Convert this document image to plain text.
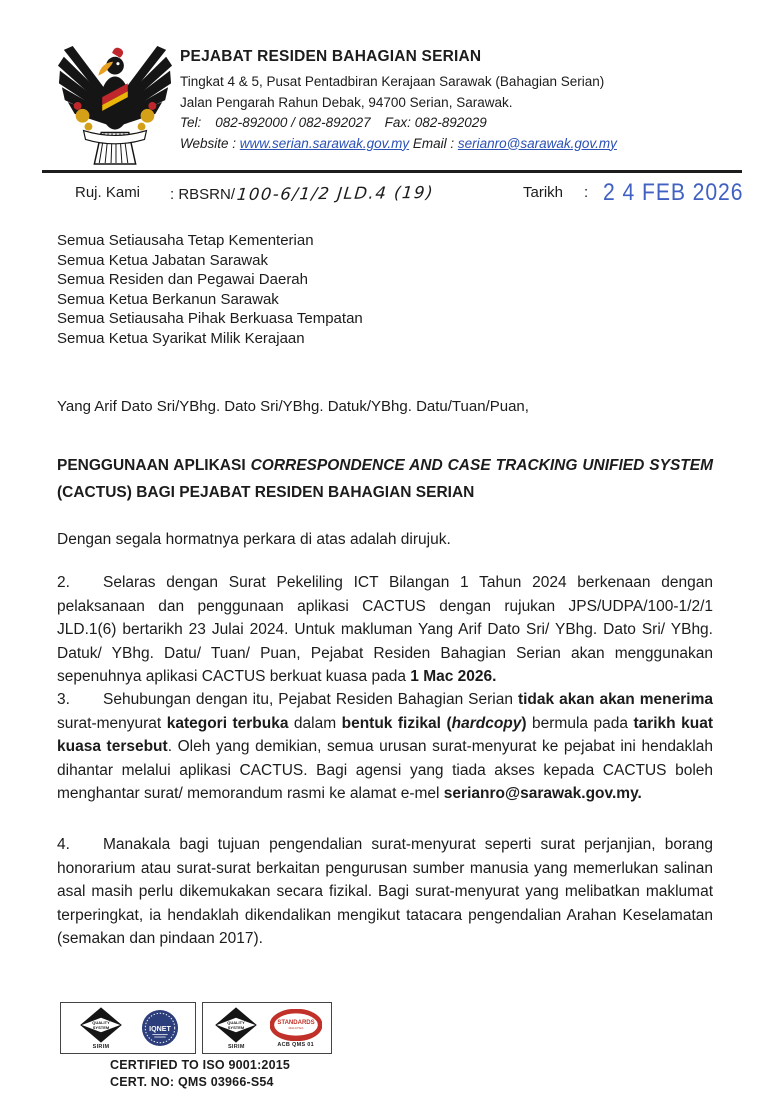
PEJABAT RESIDEN BAHAGIAN SERIAN
Tingkat 4 & 5, Pusat Pentadbiran Kerajaan Sarawak (Bahagian Serian)
Jalan Pengarah Rahun Debak, 94700 Serian, Sarawak.
Tel: 082-892000 / 082-892027 Fax: 082-892029
Website : www.serian.sarawak.gov.my Email : serianro@sarawak.gov.my
Ruj. Kami : RBSRN/100-6/1/2 JLD.4 (19)	Tarikh : 2 4 FEB 2026
Semua Setiausaha Tetap Kementerian
Semua Ketua Jabatan Sarawak
Semua Residen dan Pegawai Daerah
Semua Ketua Berkanun Sarawak
Semua Setiausaha Pihak Berkuasa Tempatan
Semua Ketua Syarikat Milik Kerajaan
Yang Arif Dato Sri/YBhg. Dato Sri/YBhg. Datuk/YBhg. Datu/Tuan/Puan,
PENGGUNAAN APLIKASI CORRESPONDENCE AND CASE TRACKING UNIFIED SYSTEM (CACTUS) BAGI PEJABAT RESIDEN BAHAGIAN SERIAN
Dengan segala hormatnya perkara di atas adalah dirujuk.
2. Selaras dengan Surat Pekeliling ICT Bilangan 1 Tahun 2024 berkenaan dengan pelaksanaan dan penggunaan aplikasi CACTUS dengan rujukan JPS/UDPA/100-1/2/1 JLD.1(6) bertarikh 23 Julai 2024. Untuk makluman Yang Arif Dato Sri/ YBhg. Dato Sri/ YBhg. Datuk/ YBhg. Datu/ Tuan/ Puan, Pejabat Residen Bahagian Serian akan menggunakan sepenuhnya aplikasi CACTUS berkuat kuasa pada 1 Mac 2026.
3. Sehubungan dengan itu, Pejabat Residen Bahagian Serian tidak akan akan menerima surat-menyurat kategori terbuka dalam bentuk fizikal (hardcopy) bermula pada tarikh kuat kuasa tersebut. Oleh yang demikian, semua urusan surat-menyurat ke pejabat ini hendaklah dihantar melalui aplikasi CACTUS. Bagi agensi yang tiada akses kepada CACTUS boleh menghantar surat/ memorandum rasmi ke alamat e-mel serianro@sarawak.gov.my.
4. Manakala bagi tujuan pengendalian surat-menyurat seperti surat perjanjian, borang honorarium atau surat-surat berkaitan pengurusan sumber manusia yang memerlukan salinan asal masih perlu dikemukakan secara fizikal. Bagi surat-menyurat yang melibatkan maklumat terperingkat, ia hendaklah dikendalikan mengikut tatacara pengendalian Arahan Keselamatan (semakan dan pindaan 2017).
QUALITY
SYSTEM
SIRIM
IQNET
QUALITY
SYSTEM
SIRIM
STANDARDS
MALAYSIA
ACB QMS 01
CERTIFIED TO ISO 9001:2015
CERT. NO: QMS 03966-S54
